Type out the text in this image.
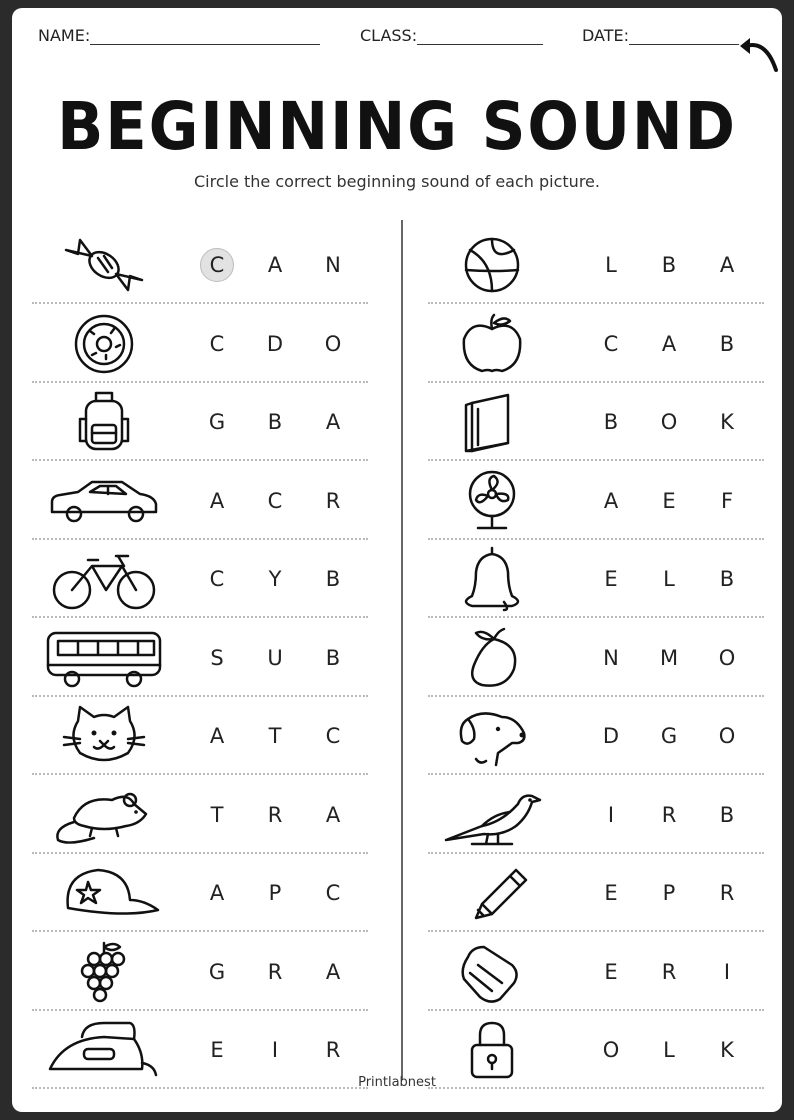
NAME:	CLASS:	DATE:
BEGINNING SOUND
Circle the correct beginning sound of each picture.
C	A	N
C	D	O
G	B	A
A	C	R
C	Y	B
S	U	B
A	T	C
T	R	A
A	P	C
G	R	A
E	I	R
L	B	A
C	A	B
B	O	K
A	E	F
E	L	B
N	M	O
D	G	O
I	R	B
E	P	R
E	R	I
O	L	K
Printlabnest
